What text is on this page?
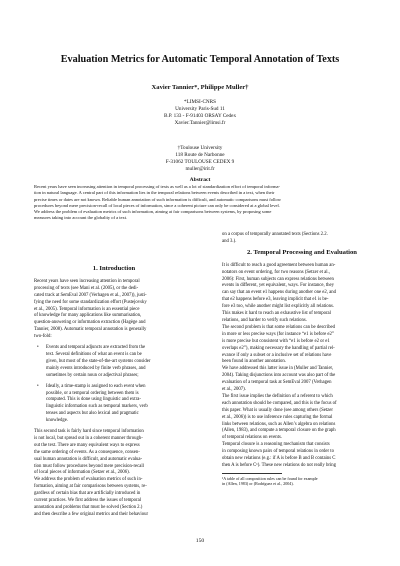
Evaluation Metrics for Automatic Temporal Annotation of Texts
Xavier Tannier*, Philippe Muller†
*LIMSI-CNRS
University Paris-Sud 11
B.P. 133 - F-91403 ORSAY Cedex
Xavier.Tannier@limsi.fr
†Toulouse University
118 Route de Narbonne
F-31062 TOULOUSE CEDEX 9
muller@irit.fr
Abstract
Recent years have seen increasing attention in temporal processing of texts as well as a lot of standardization effort of temporal informa-
tion in natural language. A central part of this information lies in the temporal relations between events described in a text, when their
precise times or dates are not known. Reliable human annotation of such information is difficult, and automatic comparisons must follow
procedures beyond mere precision-recall of local pieces of information, since a coherent picture can only be considered at a global level.
We address the problem of evaluation metrics of such information, aiming at fair comparisons between systems, by proposing some
measures taking into account the globality of a text.
1. Introduction
Recent years have seen increasing attention in temporal
processing of texts (see Mani et al. (2005), or the dedi-
cated track at SemEval 2007 (Verhagen et al., 2007)), justi-
fying the need for some standardization effort (Pustejovsky
et al., 2005). Temporal information is an essential piece
of knowledge for many applications like summarisation,
question-answering or information extraction (Hagège and
Tannier, 2008). Automatic temporal annotation is generally
two-fold:
• Events and temporal adjuncts are extracted from the
text. Several definitions of what an event is can be
given, but most of the state-of-the-art systems consider
mainly events introduced by finite verb phrases, and
sometimes by certain noun or adjectival phrases;
• Ideally, a time-stamp is assigned to each event when
possible, or a temporal ordering between them is
computed. This is done using linguistic and extra-
linguistic information such as temporal markers, verb
tenses and aspects but also lexical and pragmatic
knowledge.
This second task is fairly hard since temporal information
is not local, but spread out in a coherent manner through-
out the text. There are many equivalent ways to express
the same ordering of events. As a consequence, consen-
sual human annotation is difficult, and automatic evalua-
tion must follow procedures beyond mere precision-recall
of local pieces of information (Setzer et al., 2006).
We address the problem of evaluation metrics of such in-
formation, aiming at fair comparisons between systems, re-
gardless of certain bias that are artificially introduced in
current practices. We first address the issues of temporal
annotation and problems that must be solved (Section 2.)
and then describe a few original metrics and their behaviour
on a corpus of temporally annotated texts (Sections 2.2.
and 3.).
2. Temporal Processing and Evaluation
It is difficult to reach a good agreement between human an-
notators on event ordering, for two reasons (Setzer et al.,
2006): First, human subjects can express relations between
events in different, yet equivalent, ways. For instance, they
can say that an event e1 happens during another one e2, and
that e2 happens before e3, leaving implicit that e1 is be-
fore e3 too, while another might list explicitly all relations.
This makes it hard to reach an exhaustive list of temporal
relations, and harder to verify such relations.
The second problem is that some relations can be described
in more or less precise ways (for instance “e1 is before e2”
is more precise but consistent with “e1 is before e2 or e1
overlaps e2”), making necessary the handling of partial rel-
evance if only a subset or a inclusive set of relations have
been found in another annotation.
We have addressed this latter issue in (Muller and Tannier,
2004). Taking disjunctions into account was also part of the
evaluation of a temporal task at SemEval 2007 (Verhagen
et al., 2007).
The first issue implies the definition of a referent to which
each annotation should be compared, and this is the focus of
this paper. What is usually done (see among others (Setzer
et al., 2006)) is to use inference rules capturing the formal
links between relations, such as Allen’s algebra on relations
(Allen, 1983), and compute a temporal closure on the graph
of temporal relations on events.
Temporal closure is a reasoning mechanism that consists
in composing known pairs of temporal relations in order to
obtain new relations (e.g.: if A is before B and B contains C
then A is before C¹). These new relations do not really bring
¹A table of all composition rules can be found for example
in (Allen, 1983) or (Rodríguez et al., 2004).
150
